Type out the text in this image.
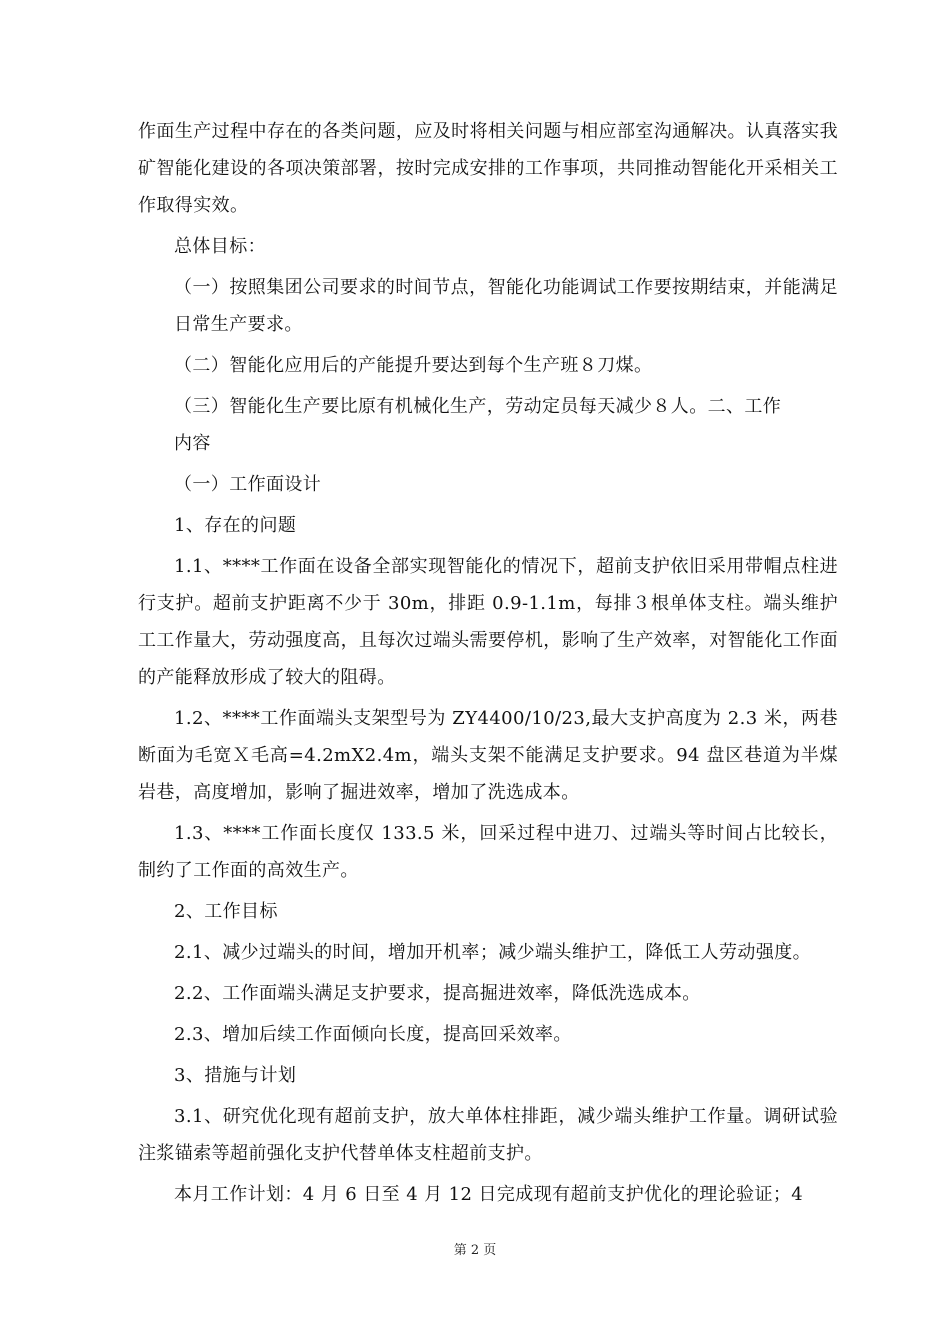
作面生产过程中存在的各类问题，应及时将相关问题与相应部室沟通解决。认真落实我矿智能化建设的各项决策部署，按时完成安排的工作事项，共同推动智能化开采相关工作取得实效。

总体目标：

（一）按照集团公司要求的时间节点，智能化功能调试工作要按期结束，并能满足日常生产要求。

（二）智能化应用后的产能提升要达到每个生产班８刀煤。

（三）智能化生产要比原有机械化生产，劳动定员每天减少８人。二、工作

内容

（一）工作面设计

1、存在的问题

1.1、****工作面在设备全部实现智能化的情况下，超前支护依旧采用带帽点柱进行支护。超前支护距离不少于 30m，排距 0.9-1.1m，每排３根单体支柱。端头维护工工作量大，劳动强度高，且每次过端头需要停机，影响了生产效率，对智能化工作面的产能释放形成了较大的阻碍。

1.2、****工作面端头支架型号为 ZY4400/10/23,最大支护高度为 2.3 米，两巷断面为毛宽Ｘ毛高=4.2mX2.4m，端头支架不能满足支护要求。94 盘区巷道为半煤岩巷，高度增加，影响了掘进效率，增加了洗选成本。

1.3、****工作面长度仅 133.5 米，回采过程中进刀、过端头等时间占比较长，制约了工作面的高效生产。

2、工作目标

2.1、减少过端头的时间，增加开机率；减少端头维护工，降低工人劳动强度。

2.2、工作面端头满足支护要求，提高掘进效率，降低洗选成本。

2.3、增加后续工作面倾向长度，提高回采效率。

3、措施与计划

3.1、研究优化现有超前支护，放大单体柱排距，减少端头维护工作量。调研试验注浆锚索等超前强化支护代替单体支柱超前支护。

本月工作计划：4 月 6 日至 4 月 12 日完成现有超前支护优化的理论验证；4

第 2 页
